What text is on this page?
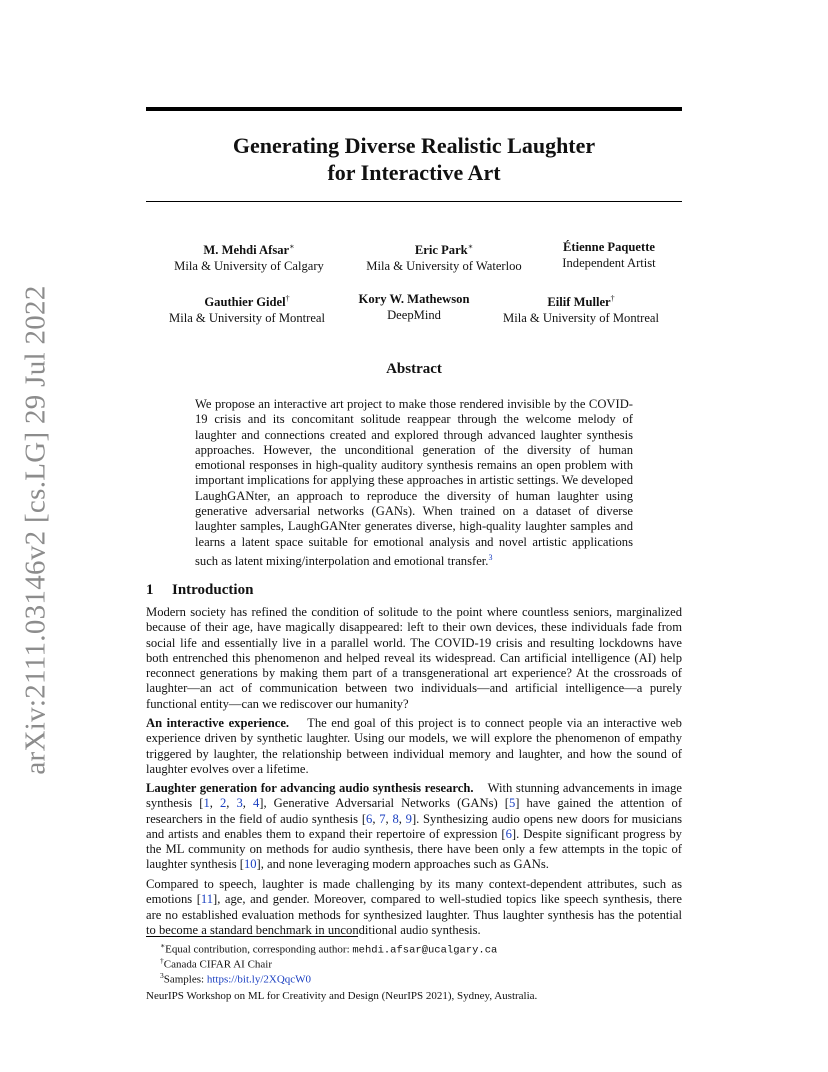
arXiv:2111.03146v2 [cs.LG] 29 Jul 2022
Generating Diverse Realistic Laughter
for Interactive Art
M. Mehdi Afsar∗
Mila & University of Calgary
Eric Park∗
Mila & University of Waterloo
Étienne Paquette
Independent Artist
Gauthier Gidel†
Mila & University of Montreal
Kory W. Mathewson
DeepMind
Eilif Muller†
Mila & University of Montreal
Abstract
We propose an interactive art project to make those rendered invisible by the COVID-19 crisis and its concomitant solitude reappear through the welcome melody of laughter and connections created and explored through advanced laughter synthesis approaches. However, the unconditional generation of the diversity of human emotional responses in high-quality auditory synthesis remains an open problem with important implications for applying these approaches in artistic settings. We developed LaughGANter, an approach to reproduce the diversity of human laughter using generative adversarial networks (GANs). When trained on a dataset of diverse laughter samples, LaughGANter generates diverse, high-quality laughter samples and learns a latent space suitable for emotional analysis and novel artistic applications such as latent mixing/interpolation and emotional transfer.$^3$
1 Introduction
Modern society has refined the condition of solitude to the point where countless seniors, marginalized because of their age, have magically disappeared: left to their own devices, these individuals fade from social life and essentially live in a parallel world. The COVID-19 crisis and resulting lockdowns have both entrenched this phenomenon and helped reveal its widespread. Can artificial intelligence (AI) help reconnect generations by making them part of a transgenerational art experience? At the crossroads of laughter—an act of communication between two individuals—and artificial intelligence—a purely functional entity—can we rediscover our humanity?
An interactive experience. The end goal of this project is to connect people via an interactive web experience driven by synthetic laughter. Using our models, we will explore the phenomenon of empathy triggered by laughter, the relationship between individual memory and laughter, and how the sound of laughter evolves over a lifetime.
Laughter generation for advancing audio synthesis research. With stunning advancements in image synthesis [1, 2, 3, 4], Generative Adversarial Networks (GANs) [5] have gained the attention of researchers in the field of audio synthesis [6, 7, 8, 9]. Synthesizing audio opens new doors for musicians and artists and enables them to expand their repertoire of expression [6]. Despite significant progress by the ML community on methods for audio synthesis, there have been only a few attempts in the topic of laughter synthesis [10], and none leveraging modern approaches such as GANs.
Compared to speech, laughter is made challenging by its many context-dependent attributes, such as emotions [11], age, and gender. Moreover, compared to well-studied topics like speech synthesis, there are no established evaluation methods for synthesized laughter. Thus laughter synthesis has the potential to become a standard benchmark in unconditional audio synthesis.
∗Equal contribution, corresponding author: mehdi.afsar@ucalgary.ca
†Canada CIFAR AI Chair
$^3$Samples: https://bit.ly/2XQqcW0
NeurIPS Workshop on ML for Creativity and Design (NeurIPS 2021), Sydney, Australia.
